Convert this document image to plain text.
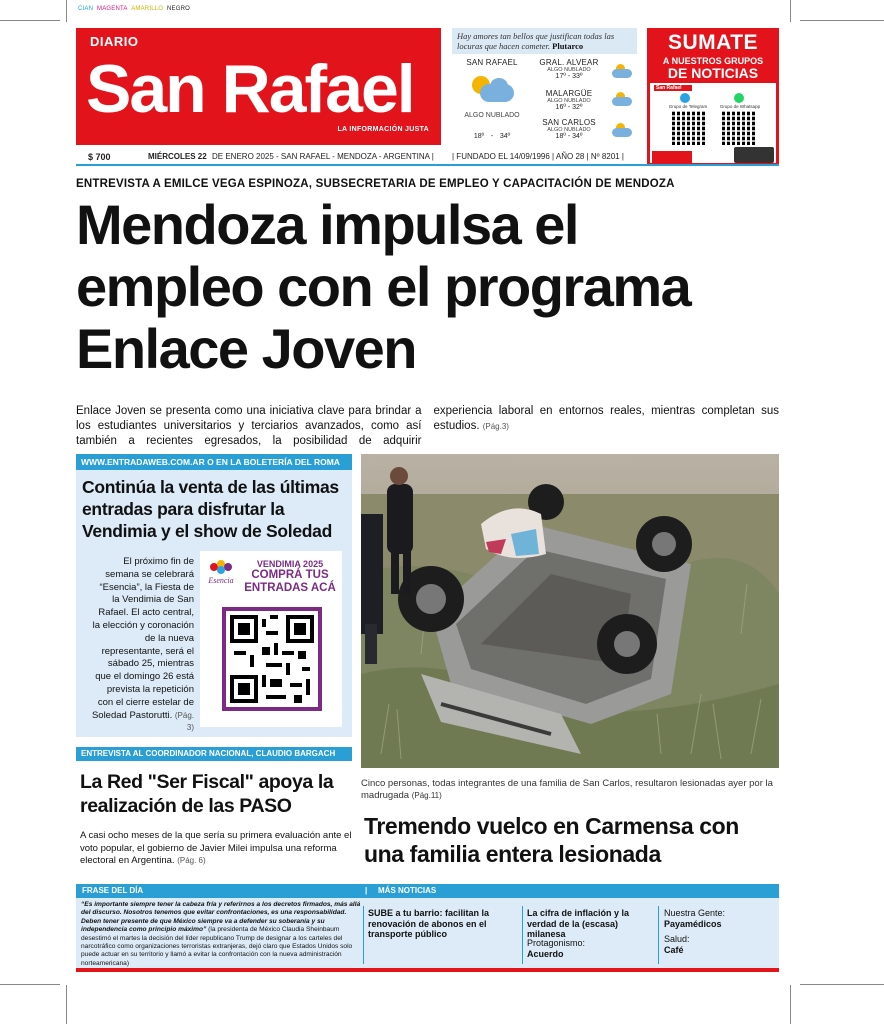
CIAN MAGENTA AMARILLO NEGRO
DIARIO
San Rafael
LA INFORMACIÓN JUSTA
Hay amores tan bellos que justifican todas las locuras que hacen cometer. Plutarco
SAN RAFAEL
ALGO NUBLADO
18º - 34º
GRAL. ALVEAR
ALGO NUBLADO
17º - 33º
MALARGÜE
ALGO NUBLADO
16º - 32º
SAN CARLOS
ALGO NUBLADO
18º - 34º
SUMATE
A NUESTROS GRUPOS
DE NOTICIAS
San Rafael
Grupo de Telegram	Grupo de Whatsapp
$ 700	MIÉRCOLES 22 DE ENERO 2025 - SAN RAFAEL - MENDOZA - ARGENTINA | | FUNDADO EL 14/09/1996 | AÑO 28 | Nº 8201 |
ENTREVISTA A EMILCE VEGA ESPINOZA, SUBSECRETARIA DE EMPLEO Y CAPACITACIÓN DE MENDOZA
Mendoza impulsa el empleo con el programa Enlace Joven
Enlace Joven se presenta como una iniciativa clave para brindar a los estudiantes universitarios y terciarios avanzados, como así también a recientes egresados, la posibilidad de adquirir experiencia laboral en entornos reales, mientras completan sus estudios. (Pág.3)
WWW.ENTRADAWEB.COM.AR O EN LA BOLETERÍA DEL ROMA
Continúa la venta de las últimas entradas para disfrutar la Vendimia y el show de Soledad
El próximo fin de semana se celebrará “Esencia”, la Fiesta de la Vendimia de San Rafael. El acto central, la elección y coronación de la nueva representante, será el sábado 25, mientras que el domingo 26 está prevista la repetición con el cierre estelar de Soledad Pastorutti. (Pág. 3)
Esencia
VENDIMIA 2025
COMPRÁ TUS ENTRADAS ACÁ
Cinco personas, todas integrantes de una familia de San Carlos, resultaron lesionadas ayer por la madrugada (Pág.11)
Tremendo vuelco en Carmensa con una familia entera lesionada
ENTREVISTA AL COORDINADOR NACIONAL, CLAUDIO BARGACH
La Red "Ser Fiscal" apoya la realización de las PASO
A casi ocho meses de la que sería su primera evaluación ante el voto popular, el gobierno de Javier Milei impulsa una reforma electoral en Argentina. (Pág. 6)
FRASE DEL DÍA	| MÁS NOTICIAS
“Es importante siempre tener la cabeza fría y referirnos a los decretos firmados, más allá del discurso. Nosotros tenemos que evitar confrontaciones, es una responsabilidad. Deben tener presente de que México siempre va a defender su soberanía y su independencia como principio máximo” (la presidenta de México Claudia Sheinbaum desestimó el martes la decisión del líder republicano Trump de designar a los carteles del narcotráfico como organizaciones terroristas extranjeras, dejó claro que Estados Unidos solo puede actuar en su territorio y llamó a evitar la confrontación con la nueva administración norteamericana)
SUBE a tu barrio: facilitan la renovación de abonos en el transporte público
La cifra de inflación y la verdad de la (escasa) milanesa
Protagonismo:
Acuerdo
Nuestra Gente:
Payamédicos
Salud:
Café
